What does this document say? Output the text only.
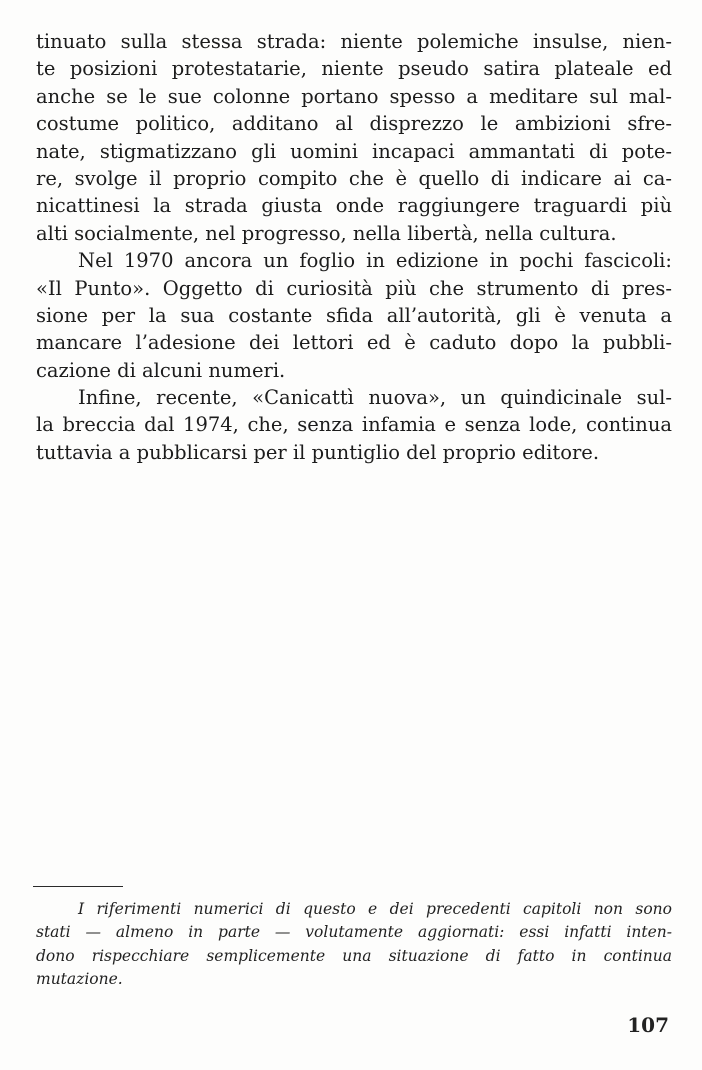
tinuato sulla stessa strada: niente polemiche insulse, nien-
te posizioni protestatarie, niente pseudo satira plateale ed
anche se le sue colonne portano spesso a meditare sul mal-
costume politico, additano al disprezzo le ambizioni sfre-
nate, stigmatizzano gli uomini incapaci ammantati di pote-
re, svolge il proprio compito che è quello di indicare ai ca-
nicattinesi la strada giusta onde raggiungere traguardi più
alti socialmente, nel progresso, nella libertà, nella cultura.
Nel 1970 ancora un foglio in edizione in pochi fascicoli:
«Il Punto». Oggetto di curiosità più che strumento di pres-
sione per la sua costante sfida all’autorità, gli è venuta a
mancare l’adesione dei lettori ed è caduto dopo la pubbli-
cazione di alcuni numeri.
Infine, recente, «Canicattì nuova», un quindicinale sul-
la breccia dal 1974, che, senza infamia e senza lode, continua
tuttavia a pubblicarsi per il puntiglio del proprio editore.
I riferimenti numerici di questo e dei precedenti capitoli non sono
stati — almeno in parte — volutamente aggiornati: essi infatti inten-
dono rispecchiare semplicemente una situazione di fatto in continua
mutazione.
107
